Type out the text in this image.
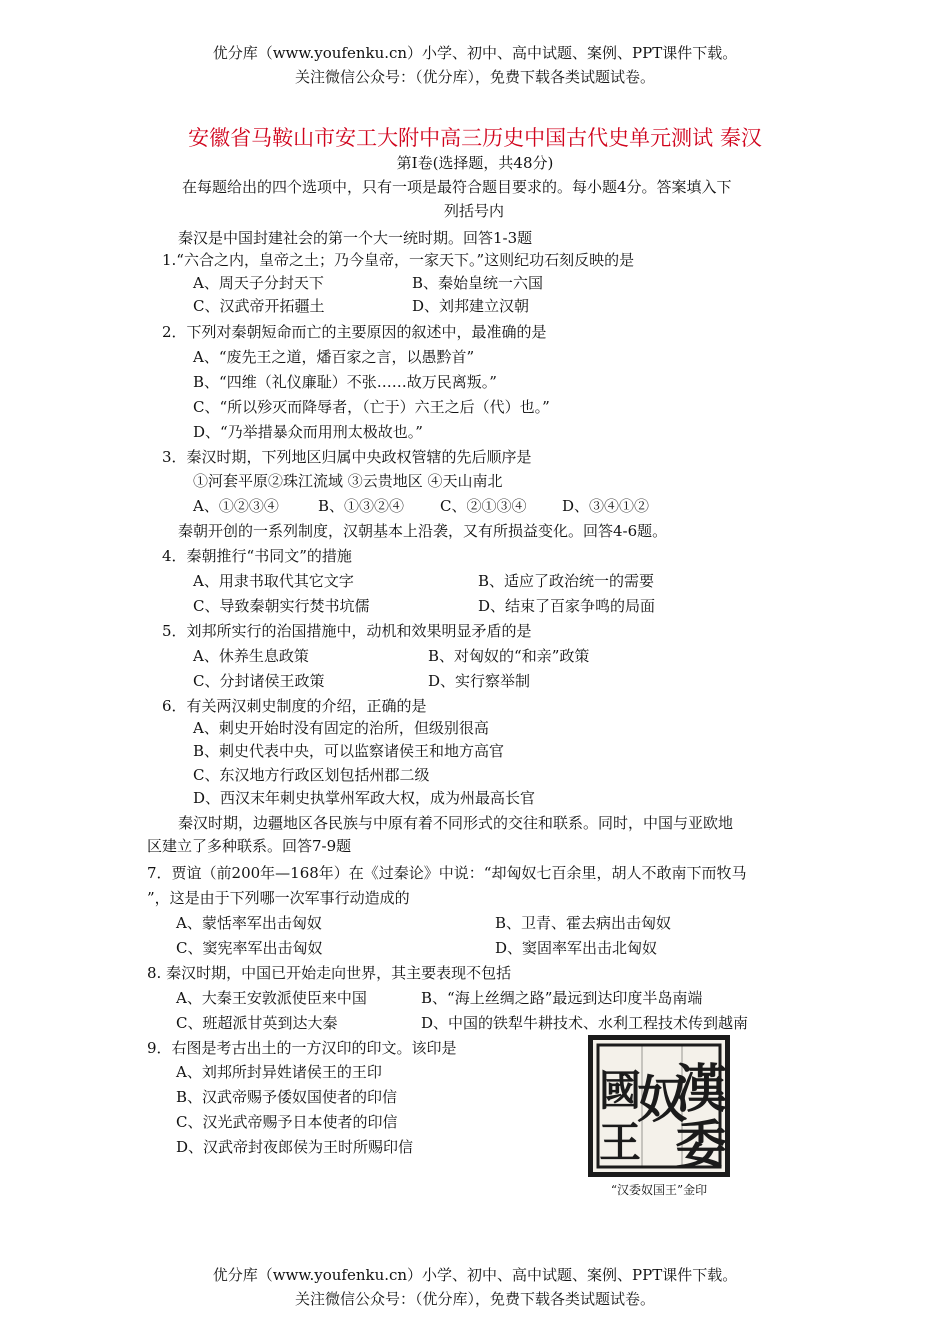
优分库（www.youfenku.cn）小学、初中、高中试题、案例、PPT课件下载。
关注微信公众号：（优分库），免费下载各类试题试卷。
安徽省马鞍山市安工大附中高三历史中国古代史单元测试 秦汉
第Ⅰ卷(选择题，共48分)
在每题给出的四个选项中，只有一项是最符合题目要求的。每小题4分。答案填入下
列括号内
秦汉是中国封建社会的第一个大一统时期。回答1-3题
1.“六合之内，皇帝之土；乃今皇帝，一家天下。”这则纪功石刻反映的是
A、周天子分封天下	B、秦始皇统一六国
C、汉武帝开拓疆土	D、刘邦建立汉朝
2．下列对秦朝短命而亡的主要原因的叙述中，最准确的是
A、“废先王之道，燔百家之言，以愚黔首”
B、“四维（礼仪廉耻）不张……故万民离叛。”
C、“所以殄灭而降辱者，（亡于）六王之后（代）也。”
D、“乃举措暴众而用刑太极故也。”
3．秦汉时期，下列地区归属中央政权管辖的先后顺序是
①河套平原②珠江流域 ③云贵地区 ④天山南北
A、①②③④	B、①③②④ C、②①③④ D、③④①②
秦朝开创的一系列制度，汉朝基本上沿袭，又有所损益变化。回答4-6题。
4．秦朝推行“书同文”的措施
A、用隶书取代其它文字	B、适应了政治统一的需要
C、导致秦朝实行焚书坑儒	D、结束了百家争鸣的局面
5．刘邦所实行的治国措施中，动机和效果明显矛盾的是
A、休养生息政策	B、对匈奴的“和亲”政策
C、分封诸侯王政策	D、实行察举制
6．有关两汉刺史制度的介绍，正确的是
A、刺史开始时没有固定的治所，但级别很高
B、刺史代表中央，可以监察诸侯王和地方高官
C、东汉地方行政区划包括州郡二级
D、西汉末年刺史执掌州军政大权，成为州最高长官
秦汉时期，边疆地区各民族与中原有着不同形式的交往和联系。同时，中国与亚欧地
区建立了多种联系。回答7-9题
7．贾谊（前200年—168年）在《过秦论》中说：“却匈奴七百余里，胡人不敢南下而牧马
”，这是由于下列哪一次军事行动造成的
A、蒙恬率军出击匈奴	B、卫青、霍去病出击匈奴
C、窦宪率军出击匈奴	D、窦固率军出击北匈奴
8. 秦汉时期，中国已开始走向世界，其主要表现不包括
A、大秦王安敦派使臣来中国	B、“海上丝绸之路”最远到达印度半岛南端
C、班超派甘英到达大秦	D、中国的铁犁牛耕技术、水利工程技术传到越南
9．右图是考古出土的一方汉印的印文。该印是
A、刘邦所封异姓诸侯王的王印
B、汉武帝赐予倭奴国使者的印信
C、汉光武帝赐予日本使者的印信
D、汉武帝封夜郎侯为王时所赐印信
漢
委
奴
國
王
“汉委奴国王”金印
优分库（www.youfenku.cn）小学、初中、高中试题、案例、PPT课件下载。
关注微信公众号：（优分库），免费下载各类试题试卷。
